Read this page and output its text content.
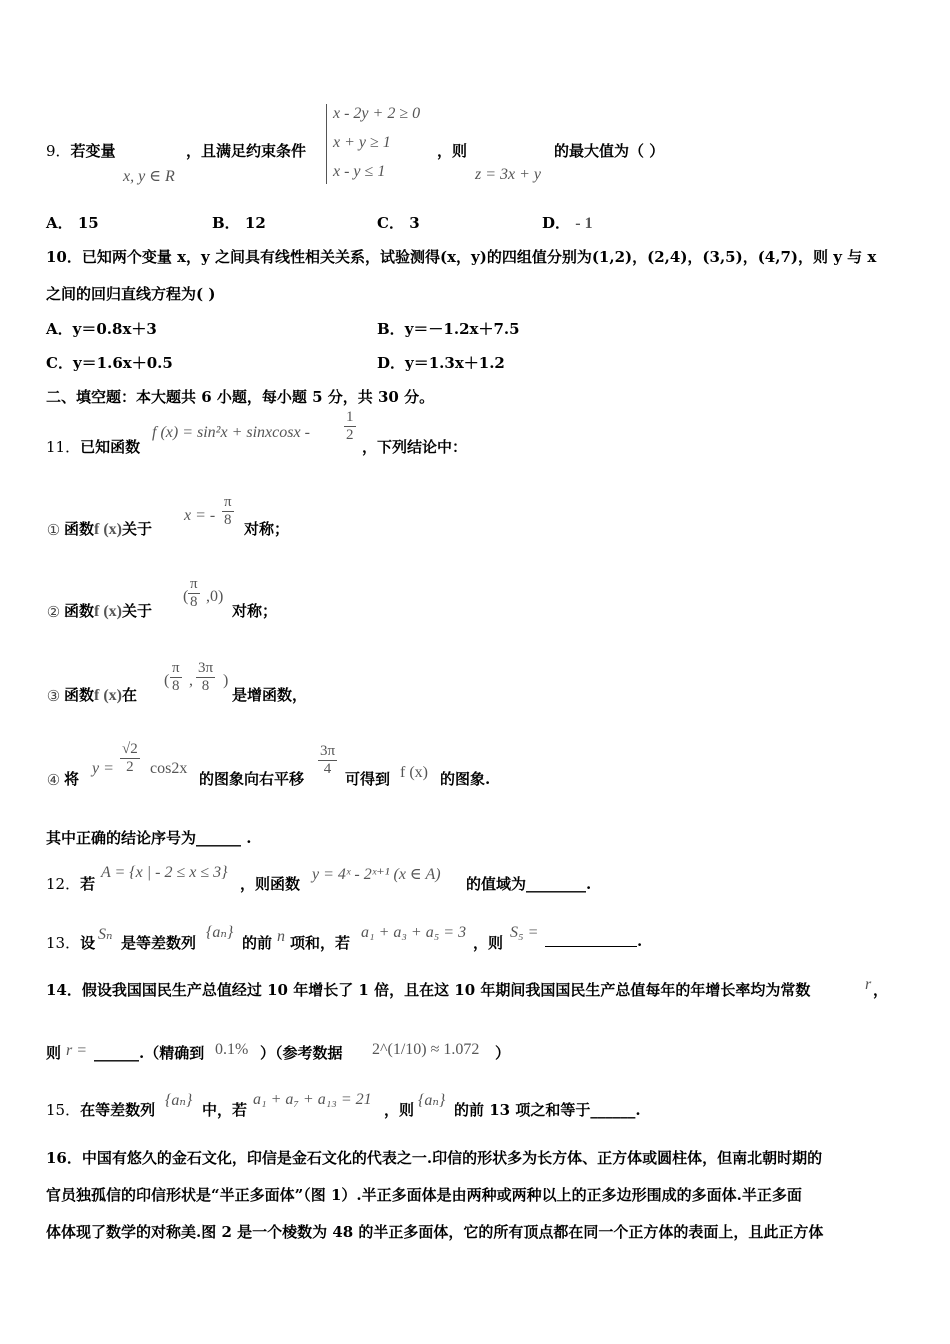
9．若变量
x, y ∈ R
，且满足约束条件
x - 2y + 2 ≥ 0
x + y ≥ 1
x - y ≤ 1
，则
z = 3x + y
的最大值为（ ）
A． 15	B． 12	C． 3	D． - 1
10．已知两个变量 x，y 之间具有线性相关关系，试验测得(x，y)的四组值分别为(1,2)，(2,4)，(3,5)，(4,7)，则 y 与 x
之间的回归直线方程为( )
A．y＝0.8x＋3	B．y＝－1.2x＋7.5
C．y＝1.6x＋0.5	D．y＝1.3x＋1.2
二、填空题：本大题共 6 小题，每小题 5 分，共 30 分。
11．已知函数
f (x) = sin²x + sinxcosx - $\frac{1}{2}$
，下列结论中：
① 函数f (x)关于
x = - $\frac{\pi}{8}$
对称；
② 函数f (x)关于
( $\frac{\pi}{8} ,0$)
对称；
③ 函数f (x)在
( $\frac{\pi}{8}$ , $\frac{3\pi}{8}$ )
是增函数，
④ 将
$y = \frac{√2}{2} \cos 2x$
的图象向右平移
$\frac{3\pi}{4}$
可得到 f (x) 的图象.
其中正确的结论序号为______ .
12．若
A = {x | - 2 ≤ x ≤ 3}
，则函数
y = 4ˣ - 2ˣ⁺¹ (x ∈ A)
的值域为________.
13．设 Sₙ 是等差数列
{aₙ}
的前 n 项和，若
a₁ + a₃ + a₅ = 3
，则
S₅ =	.
14．假设我国国民生产总值经过 10 年增长了 1 倍，且在这 10 年期间我国国民生产总值每年的年增长率均为常数	r ，
则 r = ______.（精确到 0.1% ）（参考数据 2^(1/10) ≈ 1.072 ）
15．在等差数列
{aₙ}
中，若
a₁ + a₇ + a₁₃ = 21
，则
{aₙ}
的前 13 项之和等于______.
16．中国有悠久的金石文化，印信是金石文化的代表之一.印信的形状多为长方体、正方体或圆柱体，但南北朝时期的
官员独孤信的印信形状是“半正多面体”（图 1）.半正多面体是由两种或两种以上的正多边形围成的多面体.半正多面
体体现了数学的对称美.图 2 是一个棱数为 48 的半正多面体，它的所有顶点都在同一个正方体的表面上，且此正方体
